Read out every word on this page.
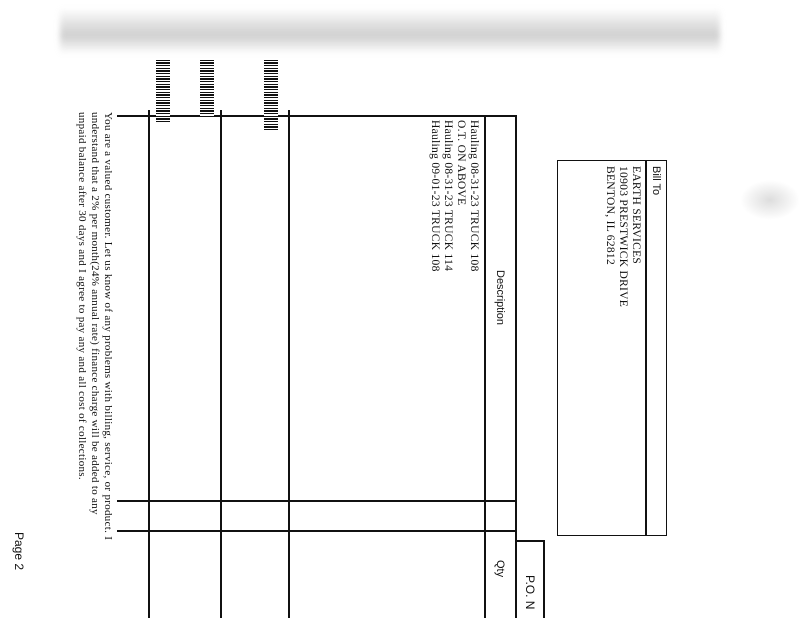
Bill To
EARTH SERVICES
10903 PRESTWICK DRIVE
BENTON, IL 62812
P.O. N
Description
Qty
Hauling 08-31-23 TRUCK 108
O.T. ON ABOVE
Hauling 08-31-23 TRUCK 114
Hauling 09-01-23 TRUCK 108
You are a valued customer. Let us know of any problems with billing, service, or product. I
understand that a 2% per month(24% annual rate) finance charge will be added to any
unpaid balance after 30 days and I agree to pay any and all cost of collections.
Page 2
